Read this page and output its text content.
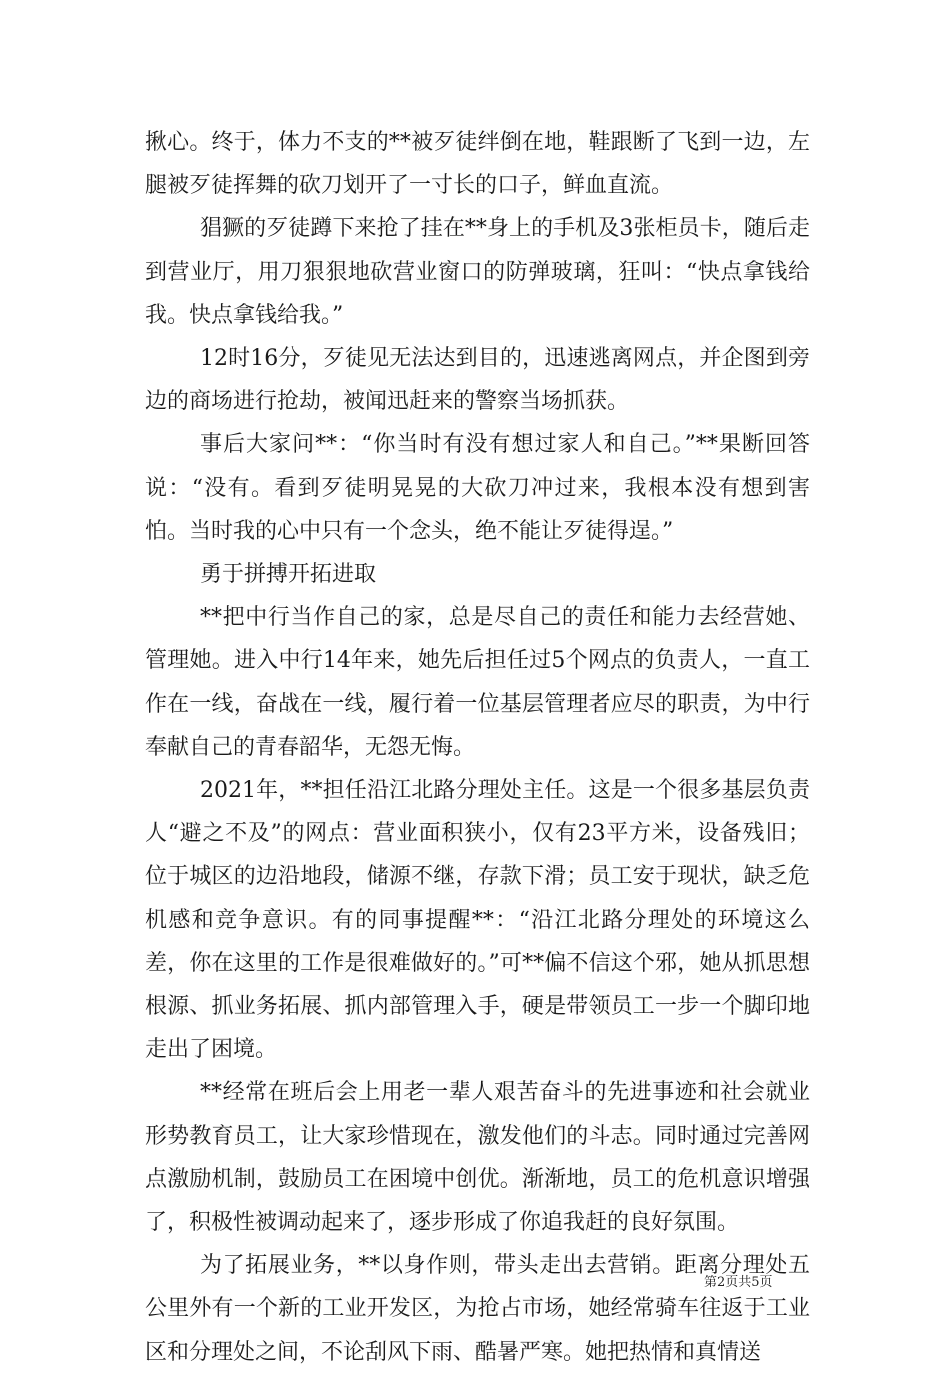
揪心。终于，体力不支的**被歹徒绊倒在地，鞋跟断了飞到一边，左腿被歹徒挥舞的砍刀划开了一寸长的口子，鲜血直流。

猖獗的歹徒蹲下来抢了挂在**身上的手机及3张柜员卡，随后走到营业厅，用刀狠狠地砍营业窗口的防弹玻璃，狂叫：“快点拿钱给我。快点拿钱给我。”

12时16分，歹徒见无法达到目的，迅速逃离网点，并企图到旁边的商场进行抢劫，被闻迅赶来的警察当场抓获。

事后大家问**：“你当时有没有想过家人和自己。”**果断回答说：“没有。看到歹徒明晃晃的大砍刀冲过来，我根本没有想到害怕。当时我的心中只有一个念头，绝不能让歹徒得逞。”

勇于拼搏开拓进取

**把中行当作自己的家，总是尽自己的责任和能力去经营她、管理她。进入中行14年来，她先后担任过5个网点的负责人，一直工作在一线，奋战在一线，履行着一位基层管理者应尽的职责，为中行奉献自己的青春韶华，无怨无悔。

2021年，**担任沿江北路分理处主任。这是一个很多基层负责人“避之不及”的网点：营业面积狭小，仅有23平方米，设备残旧；位于城区的边沿地段，储源不继，存款下滑；员工安于现状，缺乏危机感和竞争意识。有的同事提醒**：“沿江北路分理处的环境这么差，你在这里的工作是很难做好的。”可**偏不信这个邪，她从抓思想根源、抓业务拓展、抓内部管理入手，硬是带领员工一步一个脚印地走出了困境。

**经常在班后会上用老一辈人艰苦奋斗的先进事迹和社会就业形势教育员工，让大家珍惜现在，激发他们的斗志。同时通过完善网点激励机制，鼓励员工在困境中创优。渐渐地，员工的危机意识增强了，积极性被调动起来了，逐步形成了你追我赶的良好氛围。

为了拓展业务，**以身作则，带头走出去营销。距离分理处五公里外有一个新的工业开发区，为抢占市场，她经常骑车往返于工业区和分理处之间，不论刮风下雨、酷暑严寒。她把热情和真情送

第2页共5页
